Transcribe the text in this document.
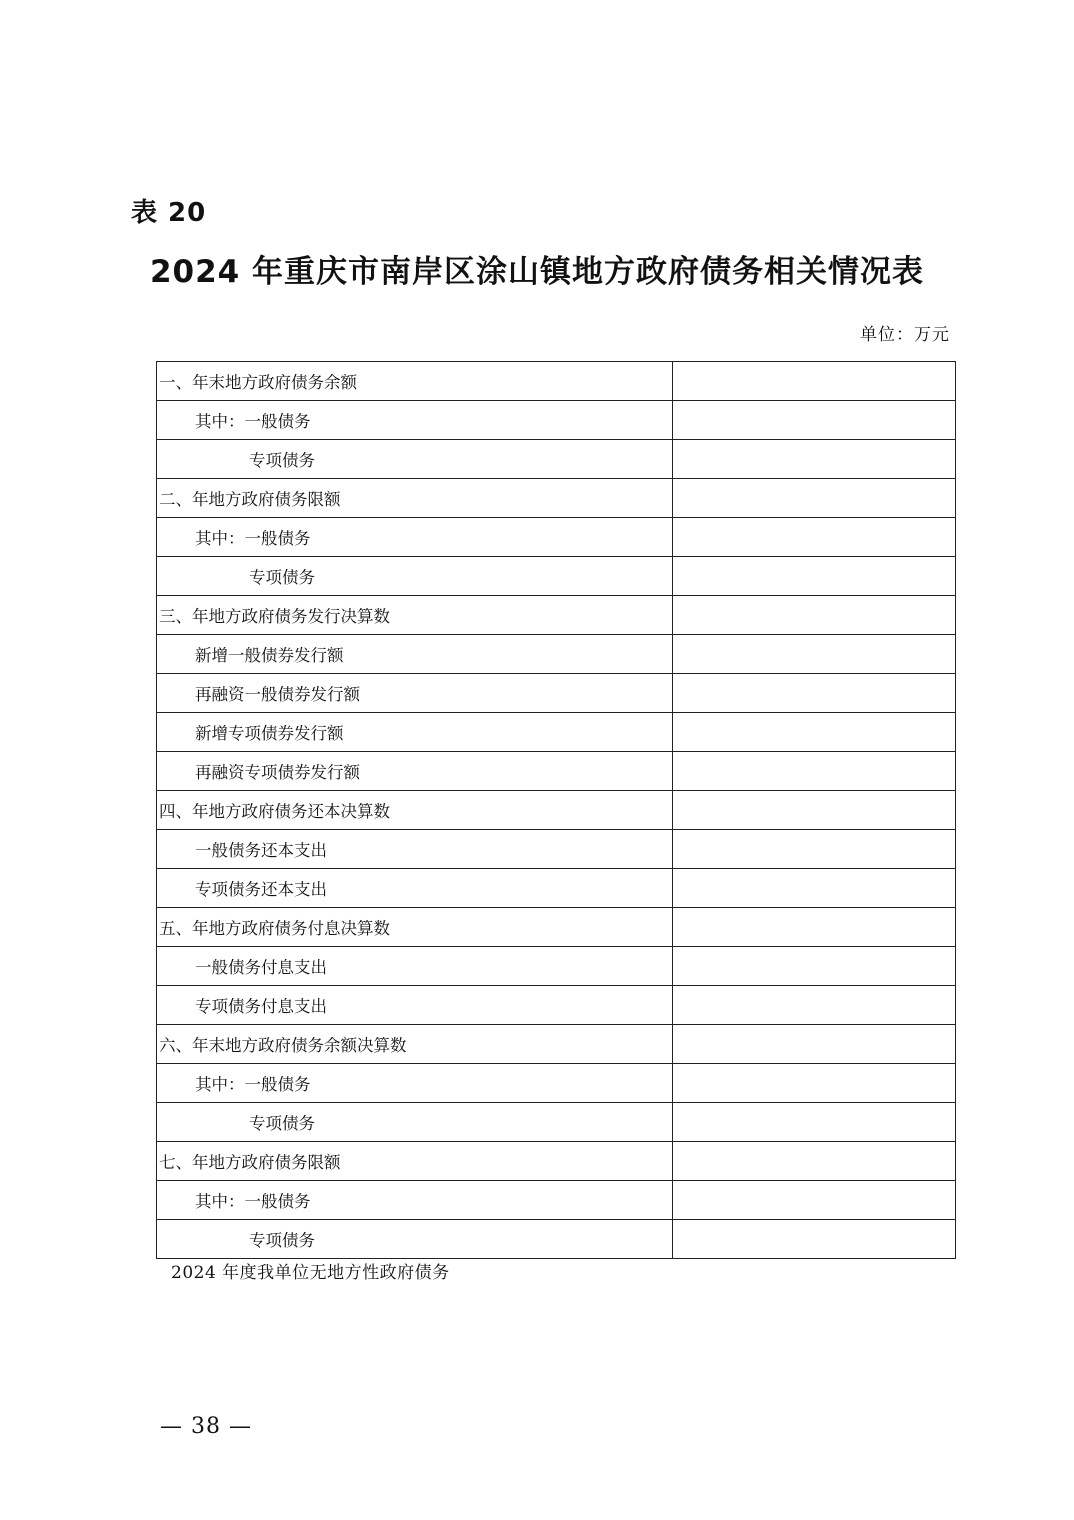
表 20
2024 年重庆市南岸区涂山镇地方政府债务相关情况表
单位：万元
一、年末地方政府债务余额	
其中：一般债务	
专项债务	
二、年地方政府债务限额	
其中：一般债务	
专项债务	
三、年地方政府债务发行决算数	
新增一般债券发行额	
再融资一般债券发行额	
新增专项债券发行额	
再融资专项债券发行额	
四、年地方政府债务还本决算数	
一般债务还本支出	
专项债务还本支出	
五、年地方政府债务付息决算数	
一般债务付息支出	
专项债务付息支出	
六、年末地方政府债务余额决算数	
其中：一般债务	
专项债务	
七、年地方政府债务限额	
其中：一般债务	
专项债务	
2024 年度我单位无地方性政府债务
— 38 —
